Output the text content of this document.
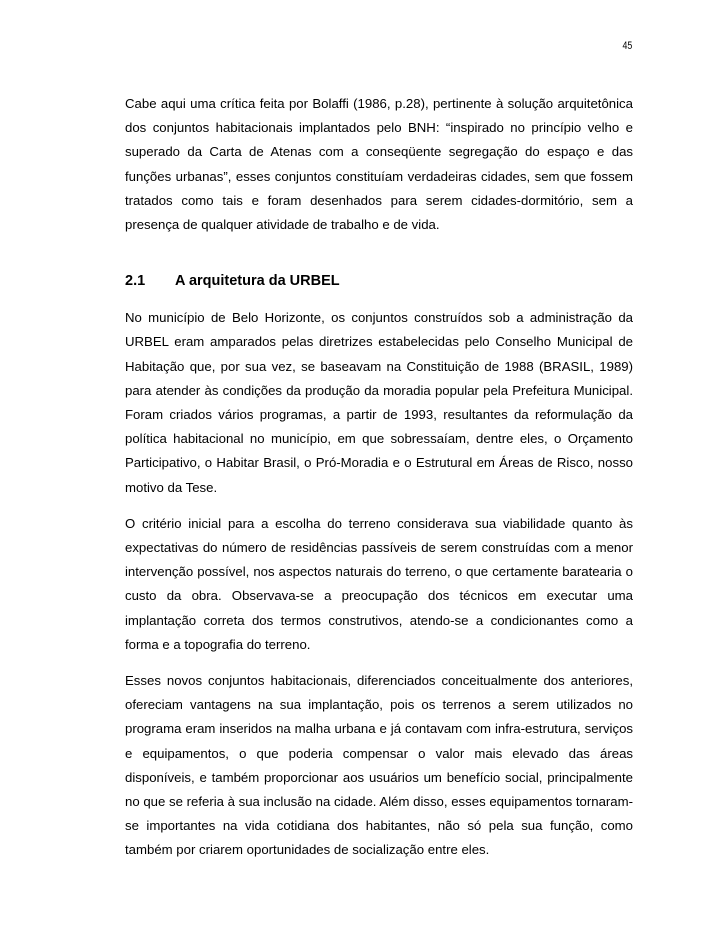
45

Cabe aqui uma crítica feita por Bolaffi (1986, p.28), pertinente à solução arquitetônica dos conjuntos habitacionais implantados pelo BNH: “inspirado no princípio velho e superado da Carta de Atenas com a conseqüente segregação do espaço e das funções urbanas”, esses conjuntos constituíam verdadeiras cidades, sem que fossem tratados como tais e foram desenhados para serem cidades-dormitório, sem a presença de qualquer atividade de trabalho e de vida.

2.1	A arquitetura da URBEL

No município de Belo Horizonte, os conjuntos construídos sob a administração da URBEL eram amparados pelas diretrizes estabelecidas pelo Conselho Municipal de Habitação que, por sua vez, se baseavam na Constituição de 1988 (BRASIL, 1989) para atender às condições da produção da moradia popular pela Prefeitura Municipal. Foram criados vários programas, a partir de 1993, resultantes da reformulação da política habitacional no município, em que sobressaíam, dentre eles, o Orçamento Participativo, o Habitar Brasil, o Pró-Moradia e o Estrutural em Áreas de Risco, nosso motivo da Tese.

O critério inicial para a escolha do terreno considerava sua viabilidade quanto às expectativas do número de residências passíveis de serem construídas com a menor intervenção possível, nos aspectos naturais do terreno, o que certamente baratearia o custo da obra. Observava-se a preocupação dos técnicos em executar uma implantação correta dos termos construtivos, atendo-se a condicionantes como a forma e a topografia do terreno.

Esses novos conjuntos habitacionais, diferenciados conceitualmente dos anteriores, ofereciam vantagens na sua implantação, pois os terrenos a serem utilizados no programa eram inseridos na malha urbana e já contavam com infra-estrutura, serviços e equipamentos, o que poderia compensar o valor mais elevado das áreas disponíveis, e também proporcionar aos usuários um benefício social, principalmente no que se referia à sua inclusão na cidade. Além disso, esses equipamentos tornaram-se importantes na vida cotidiana dos habitantes, não só pela sua função, como também por criarem oportunidades de socialização entre eles.
